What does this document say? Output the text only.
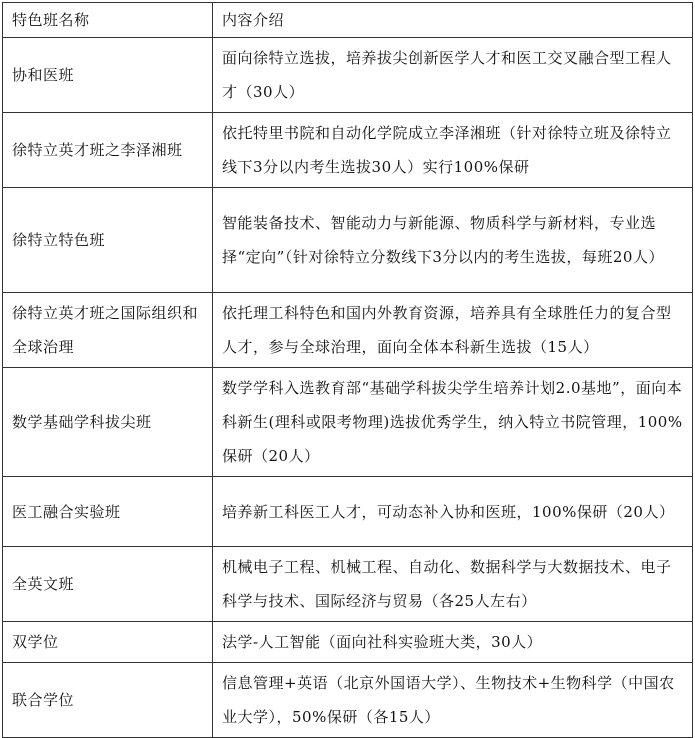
特色班名称	内容介绍
协和医班	面向徐特立选拔，培养拔尖创新医学人才和医工交叉融合型工程人才（30人）
徐特立英才班之李泽湘班	依托特里书院和自动化学院成立李泽湘班（针对徐特立班及徐特立线下3分以内考生选拔30人）实行100%保研
徐特立特色班	智能装备技术、智能动力与新能源、物质科学与新材料，专业选择“定向”（针对徐特立分数线下3分以内的考生选拔，每班20人）
徐特立英才班之国际组织和全球治理	依托理工科特色和国内外教育资源，培养具有全球胜任力的复合型人才，参与全球治理，面向全体本科新生选拔（15人）
数学基础学科拔尖班	数学学科入选教育部“基础学科拔尖学生培养计划2.0基地”，面向本科新生(理科或限考物理)选拔优秀学生，纳入特立书院管理，100%保研（20人）
医工融合实验班	培养新工科医工人才，可动态补入协和医班，100%保研（20人）
全英文班	机械电子工程、机械工程、自动化、数据科学与大数据技术、电子科学与技术、国际经济与贸易（各25人左右）
双学位	法学-人工智能（面向社科实验班大类，30人）
联合学位	信息管理+英语（北京外国语大学）、生物技术+生物科学（中国农业大学），50%保研（各15人）
